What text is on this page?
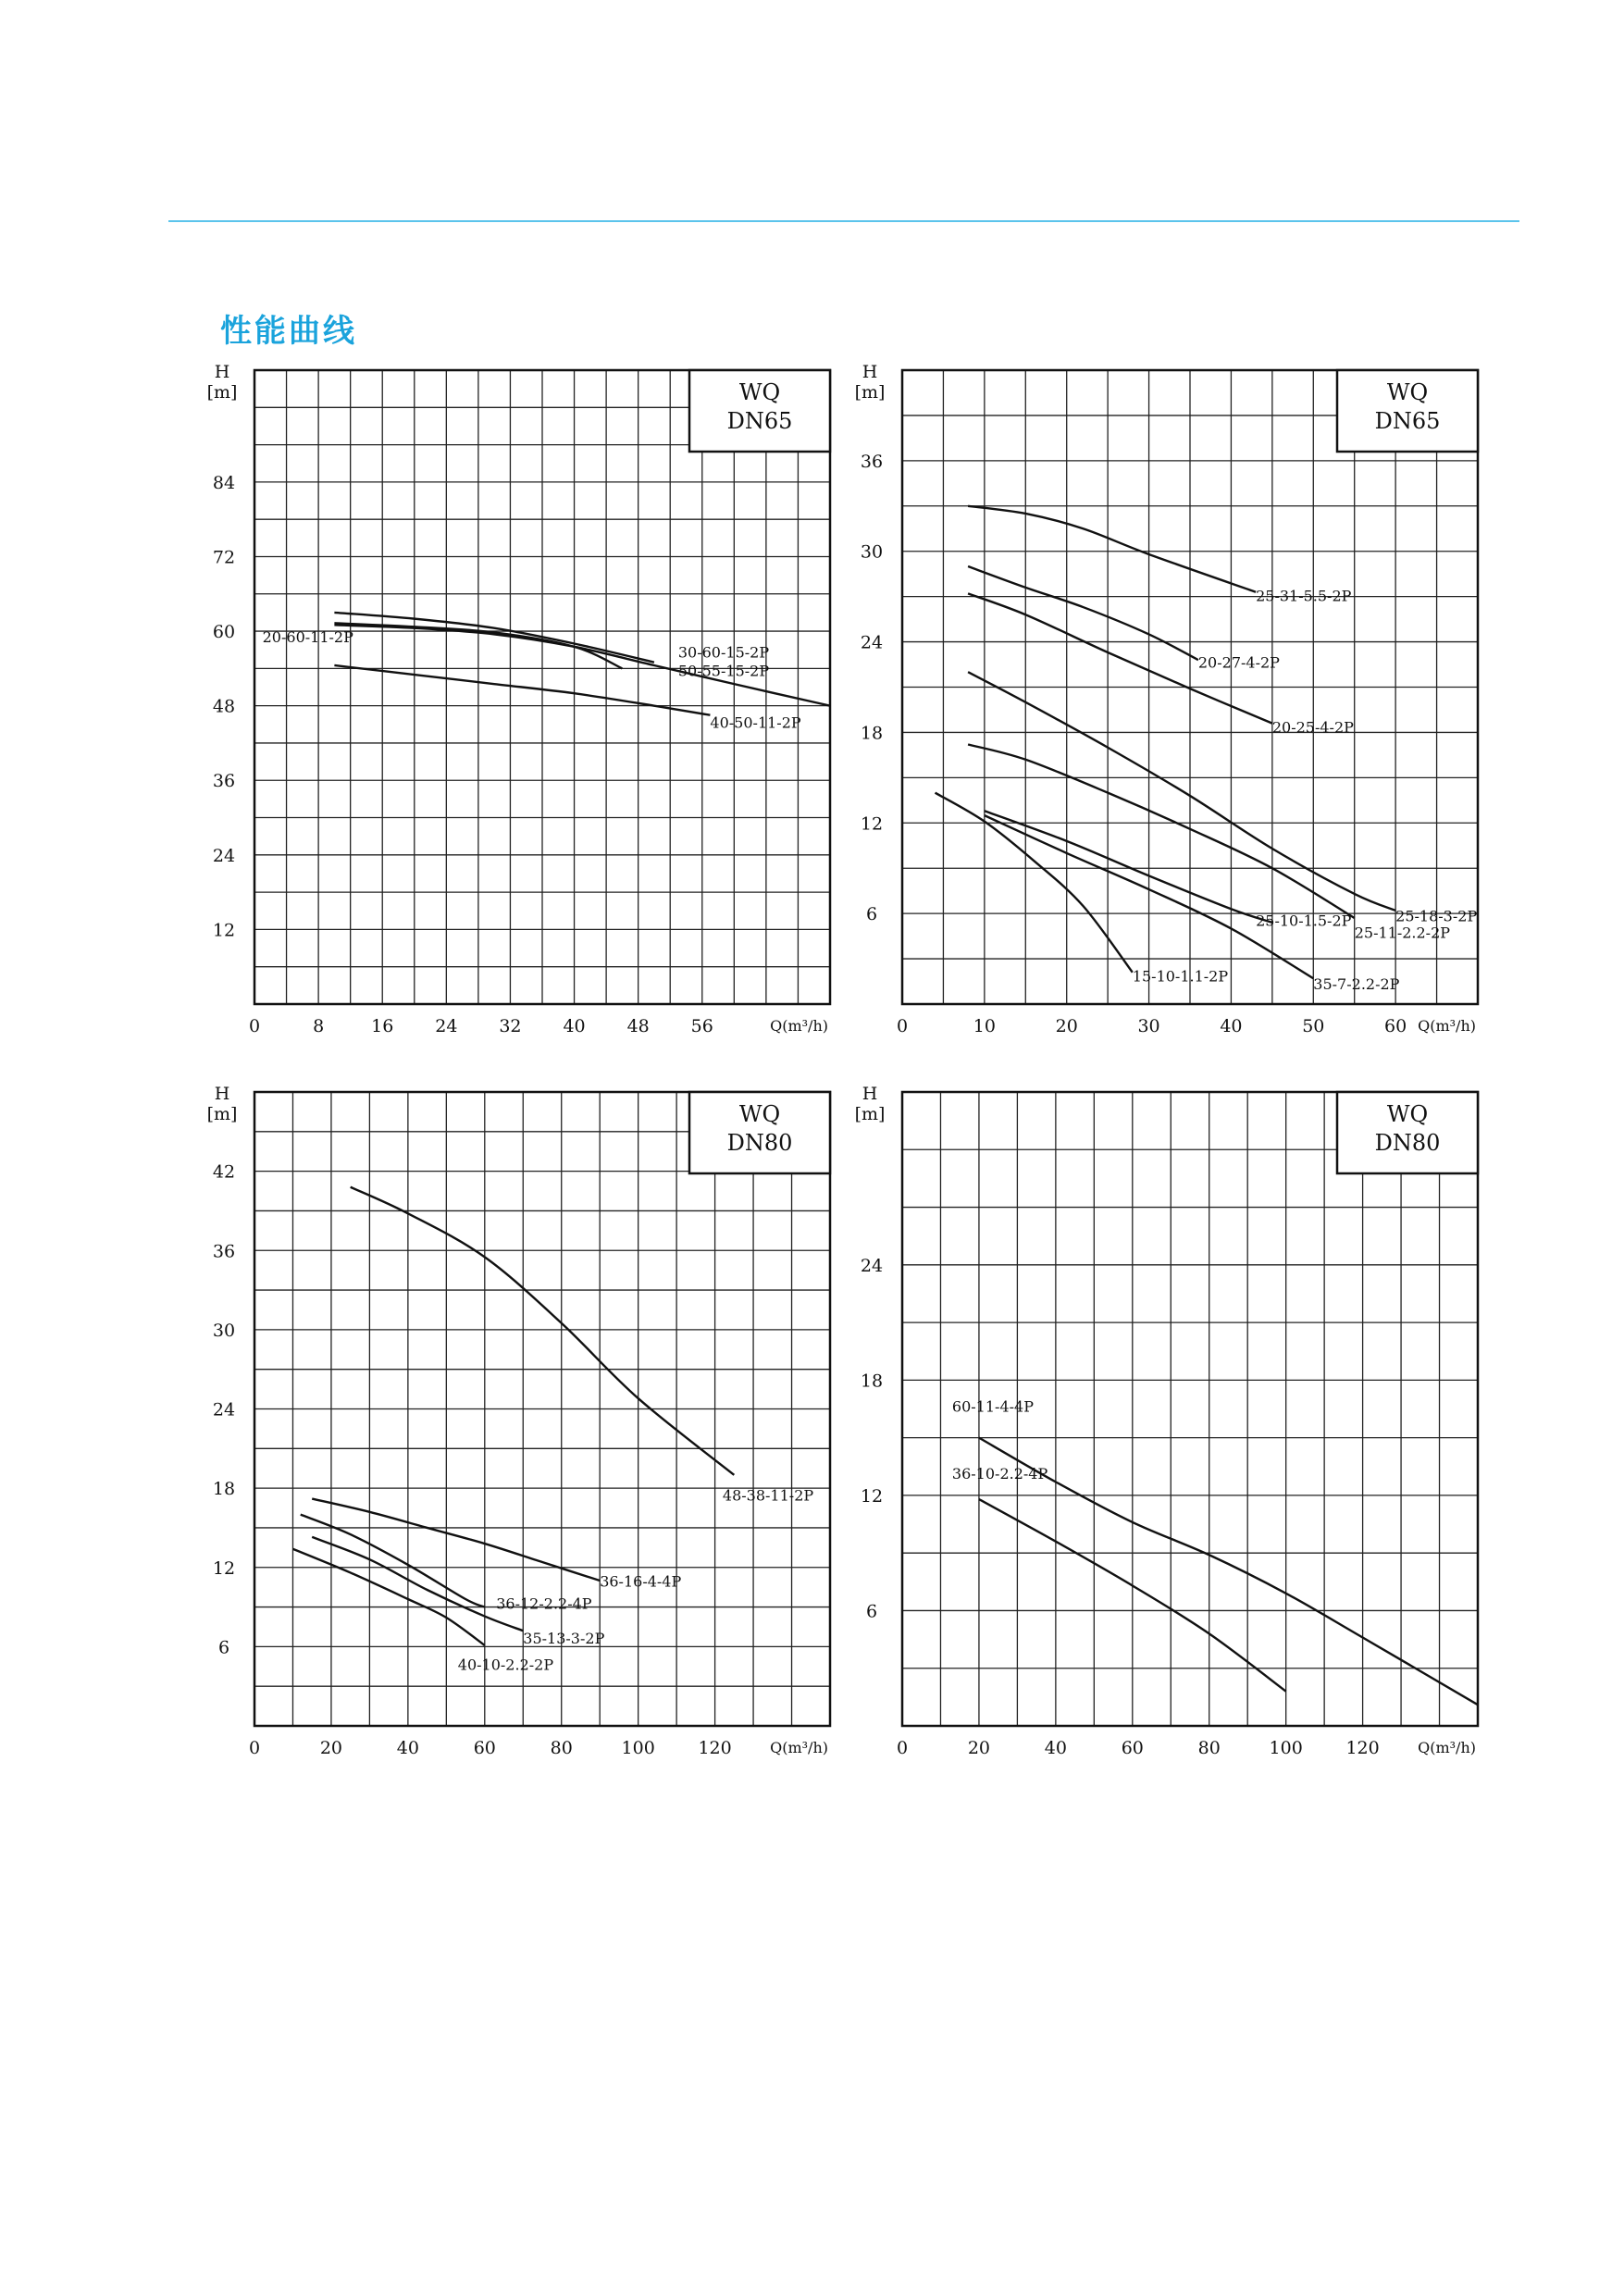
性能曲线
WQ
DN65
H
[m]
Q(m³/h)
0	8	16 24 32 40 48 56
12
24
36
48
60
72
84
30-60-15-2P
50-55-15-2P
20-60-11-2P
40-50-11-2P
WQ
DN65
H
[m]
Q(m³/h)
0	10	20	30	40	50	60
6
12
18
24
30
36
25-31-5.5-2P
20-27-4-2P
20-25-4-2P
25-18-3-2P
25-11-2.2-2P
25-10-1.5-2P
35-7-2.2-2P
15-10-1.1-2P
WQ
DN80
H
[m]
Q(m³/h)
0	20	40	60	80	100 120
6
12
18
24
30
36
42
48-38-11-2P
36-16-4-4P
36-12-2.2-4P
35-13-3-2P
40-10-2.2-2P
WQ
DN80
H
[m]
Q(m³/h)
0	20	40	60	80	100 120
6
12
18
24
60-11-4-4P
36-10-2.2-4P
